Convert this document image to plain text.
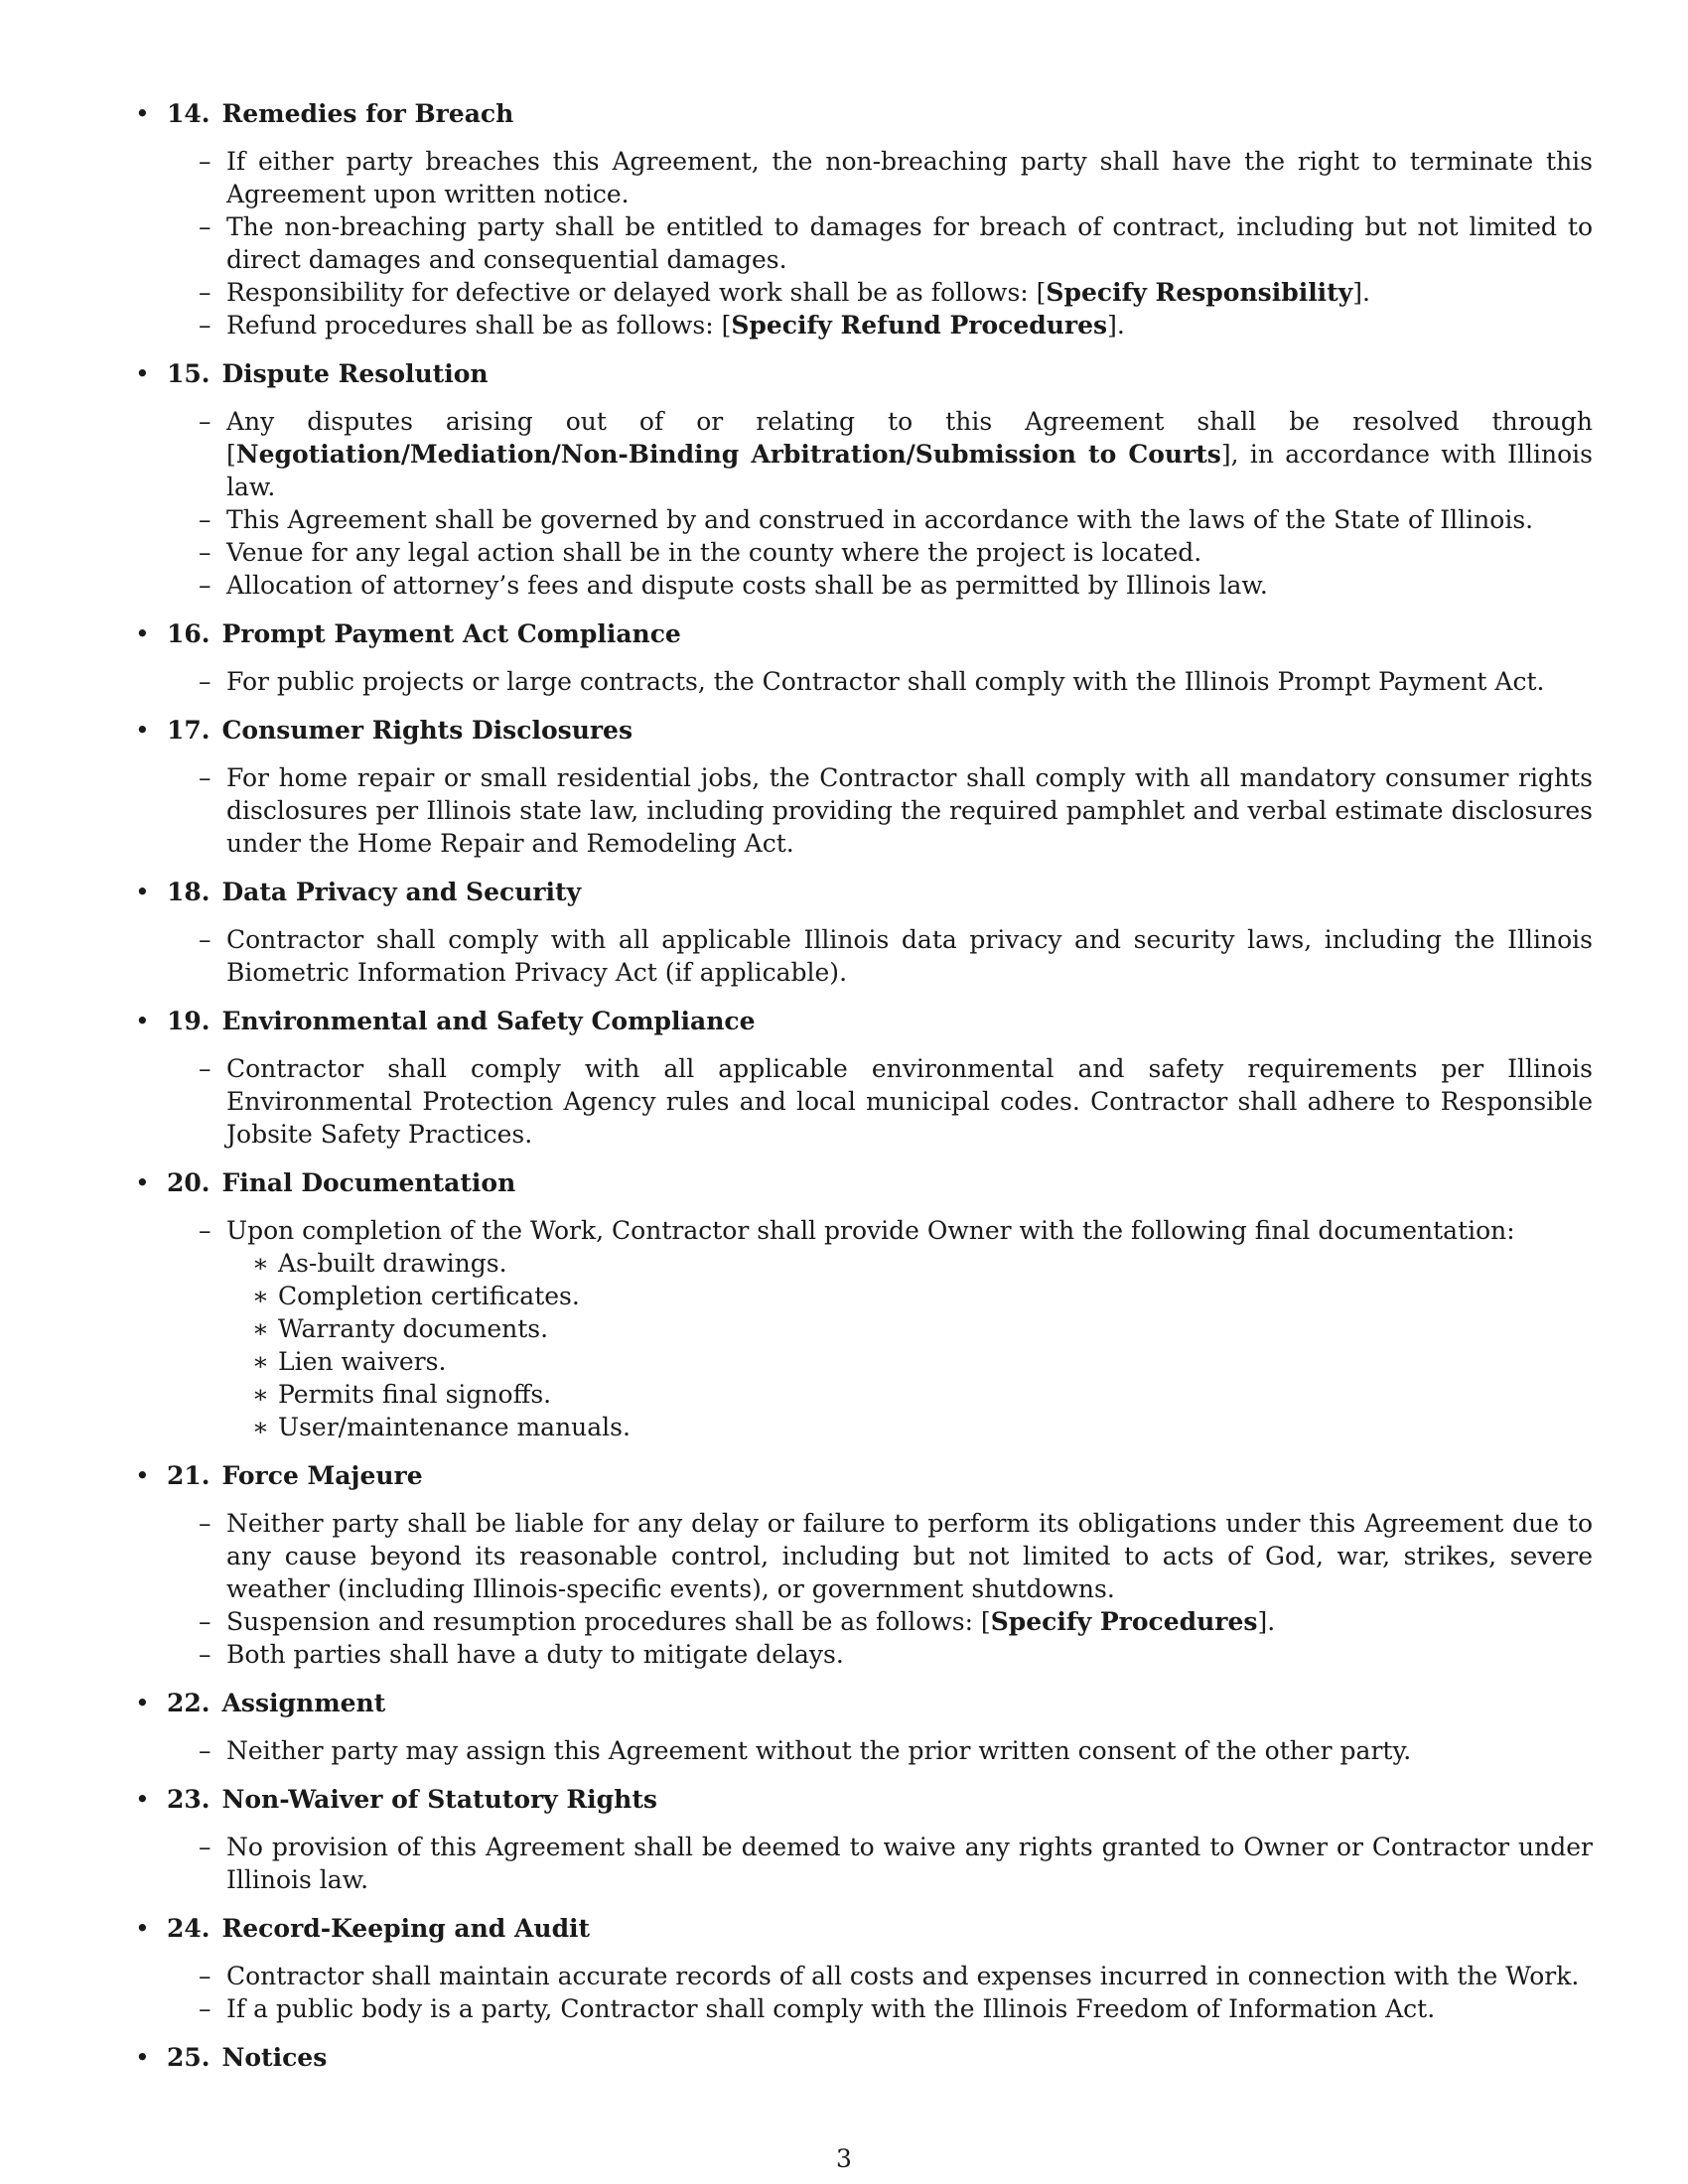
• 14. Remedies for Breach
– If either party breaches this Agreement, the non-breaching party shall have the right to terminate this Agreement upon written notice.
– The non-breaching party shall be entitled to damages for breach of contract, including but not limited to direct damages and consequential damages.
– Responsibility for defective or delayed work shall be as follows: [Specify Responsibility].
– Refund procedures shall be as follows: [Specify Refund Procedures].
• 15. Dispute Resolution
– Any disputes arising out of or relating to this Agreement shall be resolved through [Negotiation/Mediation/Non-Binding Arbitration/Submission to Courts], in accordance with Illinois law.
– This Agreement shall be governed by and construed in accordance with the laws of the State of Illinois.
– Venue for any legal action shall be in the county where the project is located.
– Allocation of attorney’s fees and dispute costs shall be as permitted by Illinois law.
• 16. Prompt Payment Act Compliance
– For public projects or large contracts, the Contractor shall comply with the Illinois Prompt Payment Act.
• 17. Consumer Rights Disclosures
– For home repair or small residential jobs, the Contractor shall comply with all mandatory consumer rights disclosures per Illinois state law, including providing the required pamphlet and verbal estimate disclosures under the Home Repair and Remodeling Act.
• 18. Data Privacy and Security
– Contractor shall comply with all applicable Illinois data privacy and security laws, including the Illinois Biometric Information Privacy Act (if applicable).
• 19. Environmental and Safety Compliance
– Contractor shall comply with all applicable environmental and safety requirements per Illinois Environmental Protection Agency rules and local municipal codes. Contractor shall adhere to Responsible Jobsite Safety Practices.
• 20. Final Documentation
– Upon completion of the Work, Contractor shall provide Owner with the following final documentation:
∗ As-built drawings.
∗ Completion certificates.
∗ Warranty documents.
∗ Lien waivers.
∗ Permits final signoffs.
∗ User/maintenance manuals.
• 21. Force Majeure
– Neither party shall be liable for any delay or failure to perform its obligations under this Agreement due to any cause beyond its reasonable control, including but not limited to acts of God, war, strikes, severe weather (including Illinois-specific events), or government shutdowns.
– Suspension and resumption procedures shall be as follows: [Specify Procedures].
– Both parties shall have a duty to mitigate delays.
• 22. Assignment
– Neither party may assign this Agreement without the prior written consent of the other party.
• 23. Non-Waiver of Statutory Rights
– No provision of this Agreement shall be deemed to waive any rights granted to Owner or Contractor under Illinois law.
• 24. Record-Keeping and Audit
– Contractor shall maintain accurate records of all costs and expenses incurred in connection with the Work.
– If a public body is a party, Contractor shall comply with the Illinois Freedom of Information Act.
• 25. Notices
3
